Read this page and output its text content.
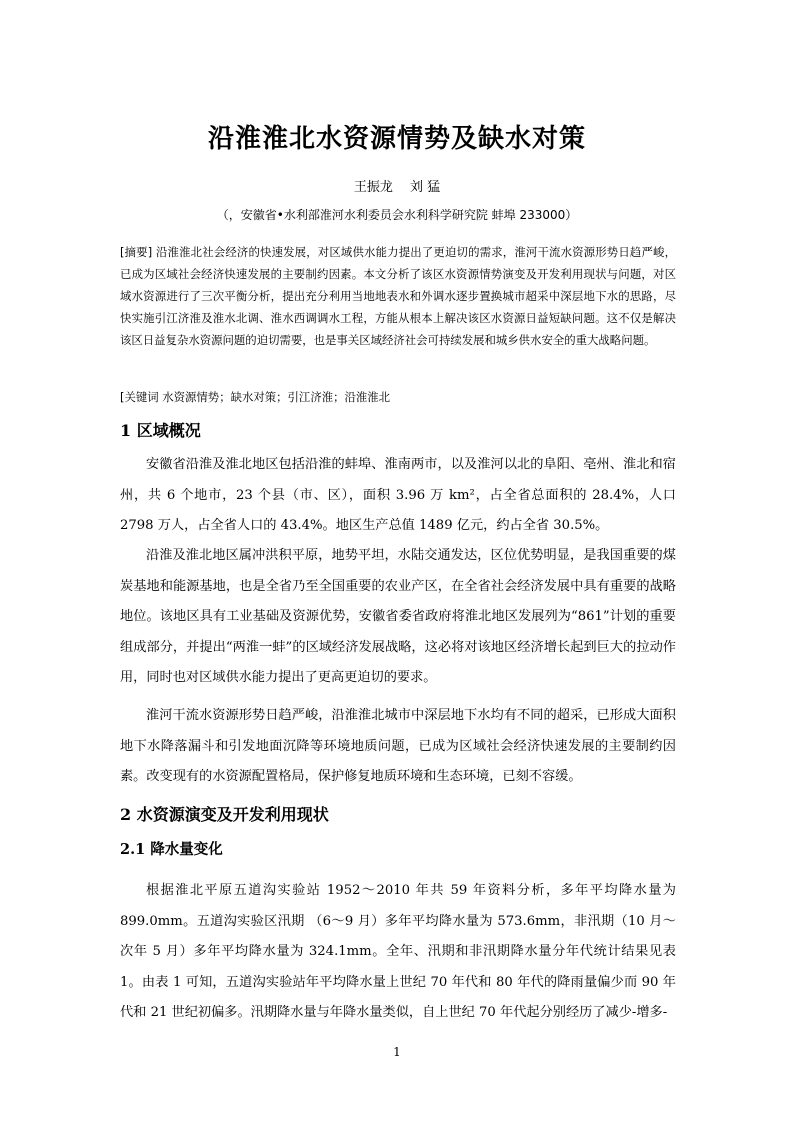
沿淮淮北水资源情势及缺水对策
王振龙　 刘 猛
（，安徽省•水利部淮河水利委员会水利科学研究院 蚌埠 233000）
[摘要] 沿淮淮北社会经济的快速发展，对区域供水能力提出了更迫切的需求，淮河干流水资源形势日趋严峻，已成为区域社会经济快速发展的主要制约因素。本文分析了该区水资源情势演变及开发利用现状与问题，对区域水资源进行了三次平衡分析，提出充分利用当地地表水和外调水逐步置换城市超采中深层地下水的思路，尽快实施引江济淮及淮水北调、淮水西调调水工程，方能从根本上解决该区水资源日益短缺问题。这不仅是解决该区日益复杂水资源问题的迫切需要，也是事关区域经济社会可持续发展和城乡供水安全的重大战略问题。
[关键词 水资源情势；缺水对策；引江济淮；沿淮淮北
1 区域概况

安徽省沿淮及淮北地区包括沿淮的蚌埠、淮南两市，以及淮河以北的阜阳、亳州、淮北和宿州，共 6 个地市，23 个县（市、区），面积 3.96 万 km²，占全省总面积的 28.4%，人口 2798 万人，占全省人口的 43.4%。地区生产总值 1489 亿元，约占全省 30.5%。

沿淮及淮北地区属冲洪积平原，地势平坦，水陆交通发达，区位优势明显，是我国重要的煤炭基地和能源基地，也是全省乃至全国重要的农业产区，在全省社会经济发展中具有重要的战略地位。该地区具有工业基础及资源优势，安徽省委省政府将淮北地区发展列为“861”计划的重要组成部分，并提出“两淮一蚌”的区域经济发展战略，这必将对该地区经济增长起到巨大的拉动作用，同时也对区域供水能力提出了更高更迫切的要求。

淮河干流水资源形势日趋严峻，沿淮淮北城市中深层地下水均有不同的超采，已形成大面积地下水降落漏斗和引发地面沉降等环境地质问题，已成为区域社会经济快速发展的主要制约因素。改变现有的水资源配置格局，保护修复地质环境和生态环境，已刻不容缓。

2 水资源演变及开发利用现状
2.1 降水量变化

根据淮北平原五道沟实验站 1952～2010 年共 59 年资料分析，多年平均降水量为 899.0mm。五道沟实验区汛期 （6～9 月）多年平均降水量为 573.6mm，非汛期（10 月～次年 5 月）多年平均降水量为 324.1mm。全年、汛期和非汛期降水量分年代统计结果见表 1。由表 1 可知，五道沟实验站年平均降水量上世纪 70 年代和 80 年代的降雨量偏少而 90 年代和 21 世纪初偏多。汛期降水量与年降水量类似，自上世纪 70 年代起分别经历了减少-增多-

1
